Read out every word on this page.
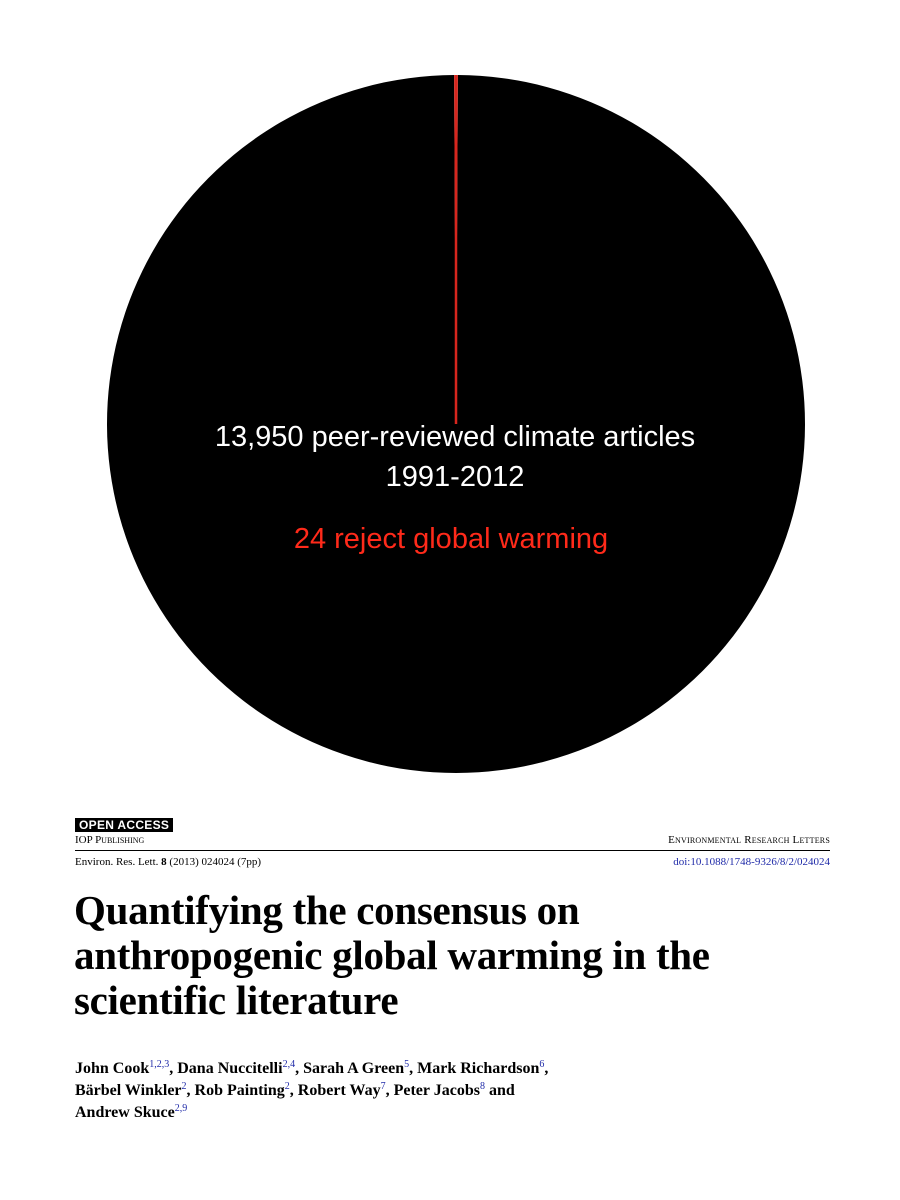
13,950 peer-reviewed climate articles
1991-2012
24 reject global warming
OPEN ACCESS
IOP Publishing	Environmental Research Letters
Environ. Res. Lett. 8 (2013) 024024 (7pp)	doi:10.1088/1748-9326/8/2/024024
Quantifying the consensus on anthropogenic global warming in the scientific literature
John Cook$^{1,2,3}$, Dana Nuccitelli$^{2,4}$, Sarah A Green$^5$, Mark Richardson$^6$,
Bärbel Winkler$^2$, Rob Painting$^2$, Robert Way$^7$, Peter Jacobs$^8$ and
Andrew Skuce$^{2,9}$
